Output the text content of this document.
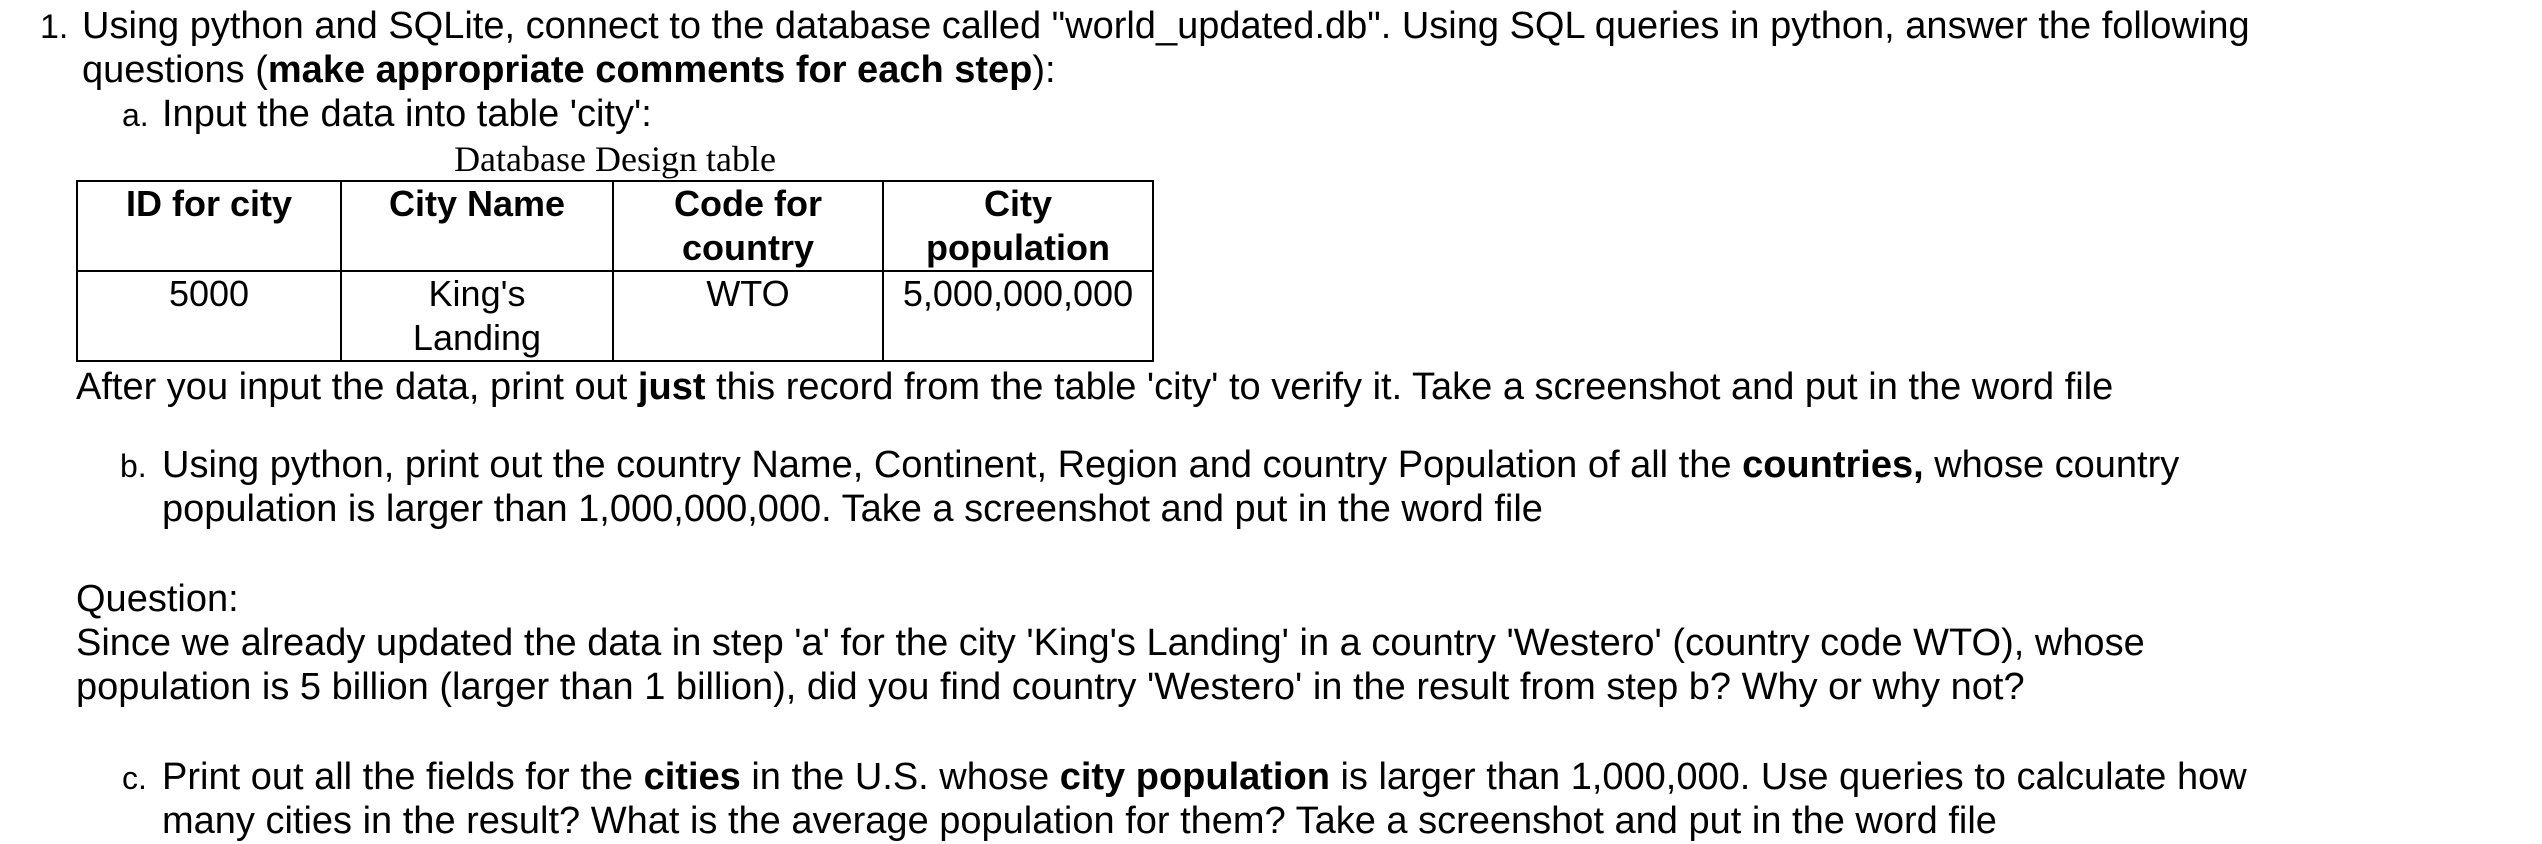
1. Using python and SQLite, connect to the database called "world_updated.db". Using SQL queries in python, answer the following
questions (make appropriate comments for each step):
a. Input the data into table 'city':
Database Design table
ID for city	City Name	Code for country	City population

5000	King's Landing	WTO	5,000,000,000
After you input the data, print out just this record from the table 'city' to verify it. Take a screenshot and put in the word file
b. Using python, print out the country Name, Continent, Region and country Population of all the countries, whose country
population is larger than 1,000,000,000. Take a screenshot and put in the word file
Question:
Since we already updated the data in step 'a' for the city 'King's Landing' in a country 'Westero' (country code WTO), whose
population is 5 billion (larger than 1 billion), did you find country 'Westero' in the result from step b? Why or why not?
c. Print out all the fields for the cities in the U.S. whose city population is larger than 1,000,000. Use queries to calculate how
many cities in the result? What is the average population for them? Take a screenshot and put in the word file
